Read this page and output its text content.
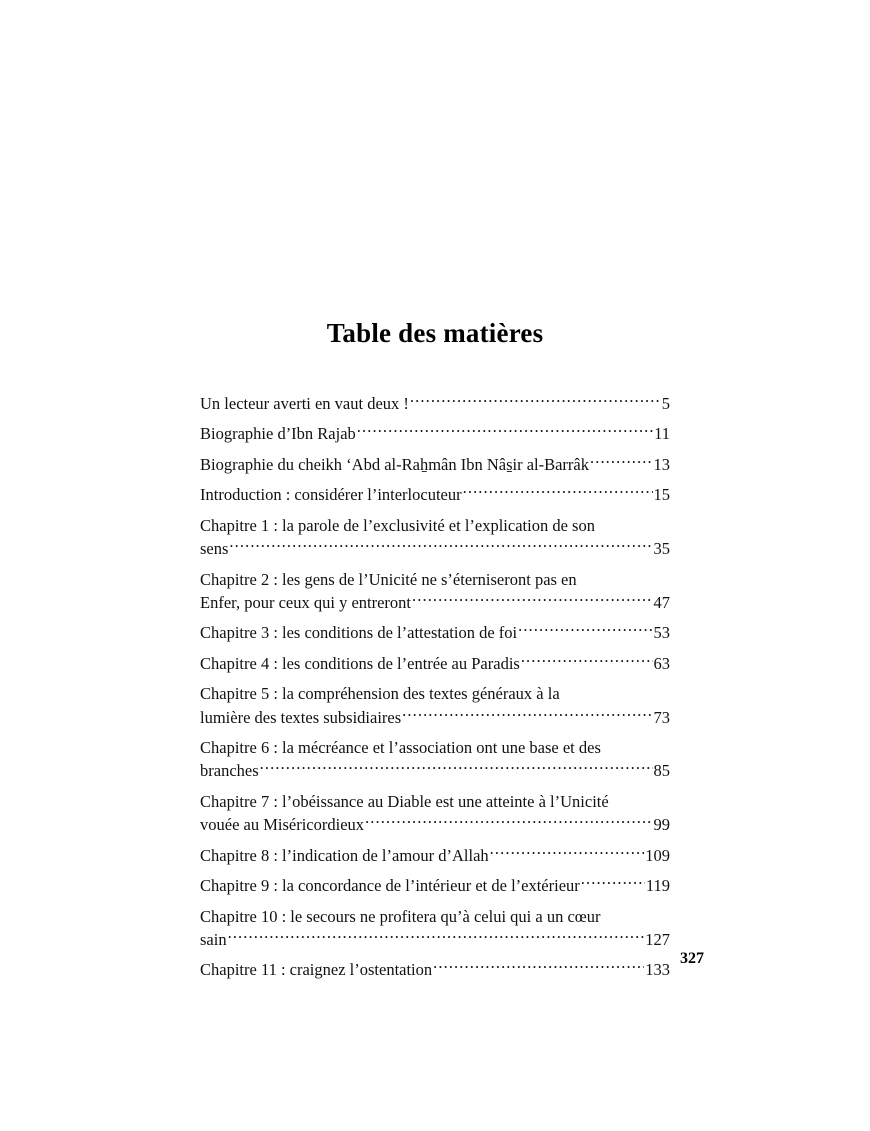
Table des matières
Un lecteur averti en vaut deux ! .....	5
Biographie d’Ibn Rajab .....	11
Biographie du cheikh ‘Abd al-Raẖmân Ibn Nâs̱ir al-Barrâk .....	13
Introduction : considérer l’interlocuteur .....	15
Chapitre 1 : la parole de l’exclusivité et l’explication de son
sens .....	35
Chapitre 2 : les gens de l’Unicité ne s’éterniseront pas en
Enfer, pour ceux qui y entreront .....	47
Chapitre 3 : les conditions de l’attestation de foi .....	53
Chapitre 4 : les conditions de l’entrée au Paradis .....	63
Chapitre 5 : la compréhension des textes généraux à la
lumière des textes subsidiaires .....	73
Chapitre 6 : la mécréance et l’association ont une base et des
branches .....	85
Chapitre 7 : l’obéissance au Diable est une atteinte à l’Unicité
vouée au Miséricordieux .....	99
Chapitre 8 : l’indication de l’amour d’Allah .....	109
Chapitre 9 : la concordance de l’intérieur et de l’extérieur .....	119
Chapitre 10 : le secours ne profitera qu’à celui qui a un cœur
sain .....	127
Chapitre 11 : craignez l’ostentation .....	133
327
